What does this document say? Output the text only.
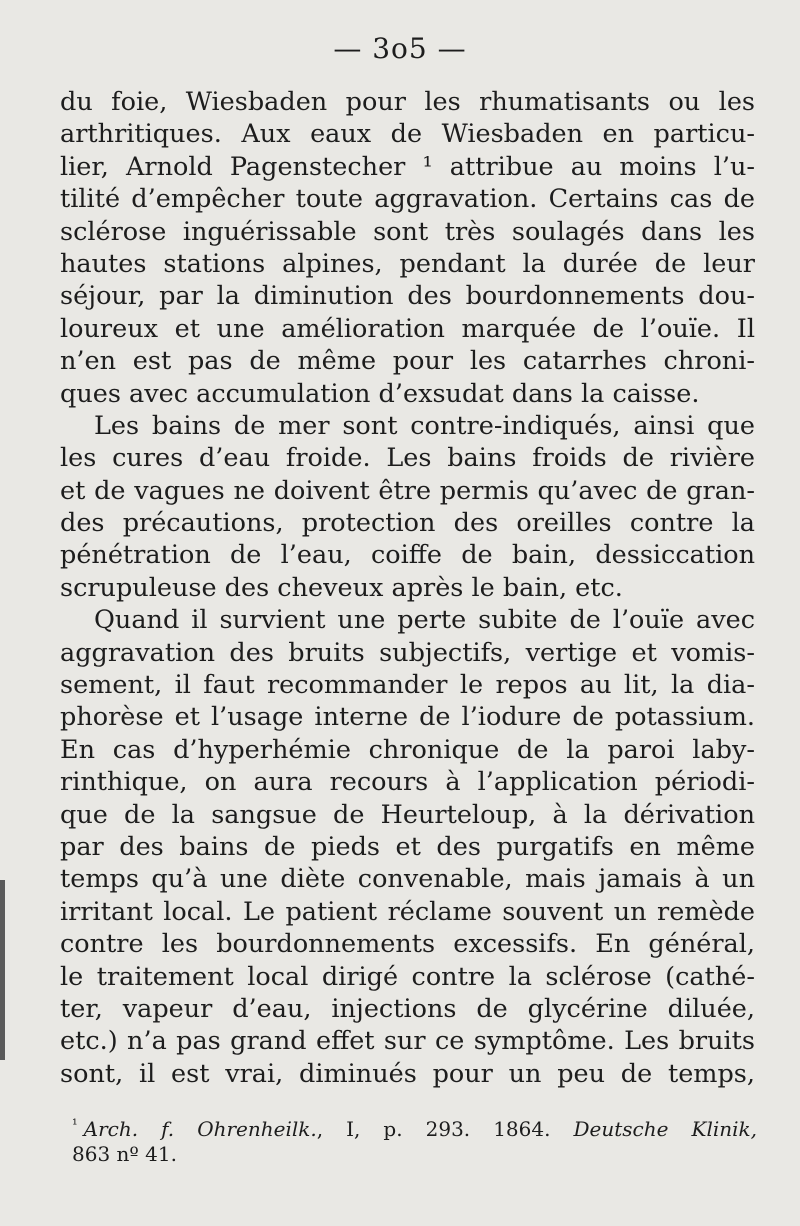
— 3o5 —
du foie, Wiesbaden pour les rhumatisants ou les
arthritiques. Aux eaux de Wiesbaden en particu-
lier, Arnold Pagenstecher ¹ attribue au moins l’u-
tilité d’empêcher toute aggravation. Certains cas de
sclérose inguérissable sont très soulagés dans les
hautes stations alpines, pendant la durée de leur
séjour, par la diminution des bourdonnements dou-
loureux et une amélioration marquée de l’ouïe. Il
n’en est pas de même pour les catarrhes chroni-
ques avec accumulation d’exsudat dans la caisse.
Les bains de mer sont contre-indiqués, ainsi que
les cures d’eau froide. Les bains froids de rivière
et de vagues ne doivent être permis qu’avec de gran-
des précautions, protection des oreilles contre la
pénétration de l’eau, coiffe de bain, dessiccation
scrupuleuse des cheveux après le bain, etc.
Quand il survient une perte subite de l’ouïe avec
aggravation des bruits subjectifs, vertige et vomis-
sement, il faut recommander le repos au lit, la dia-
phorèse et l’usage interne de l’iodure de potassium.
En cas d’hyperhémie chronique de la paroi laby-
rinthique, on aura recours à l’application périodi-
que de la sangsue de Heurteloup, à la dérivation
par des bains de pieds et des purgatifs en même
temps qu’à une diète convenable, mais jamais à un
irritant local. Le patient réclame souvent un remède
contre les bourdonnements excessifs. En général,
le traitement local dirigé contre la sclérose (cathé-
ter, vapeur d’eau, injections de glycérine diluée,
etc.) n’a pas grand effet sur ce symptôme. Les bruits
sont, il est vrai, diminués pour un peu de temps,
$^{^1}$ Arch. f. Ohrenheilk., I, p. 293. 1864. Deutsche Klinik,
863 nº 41.
